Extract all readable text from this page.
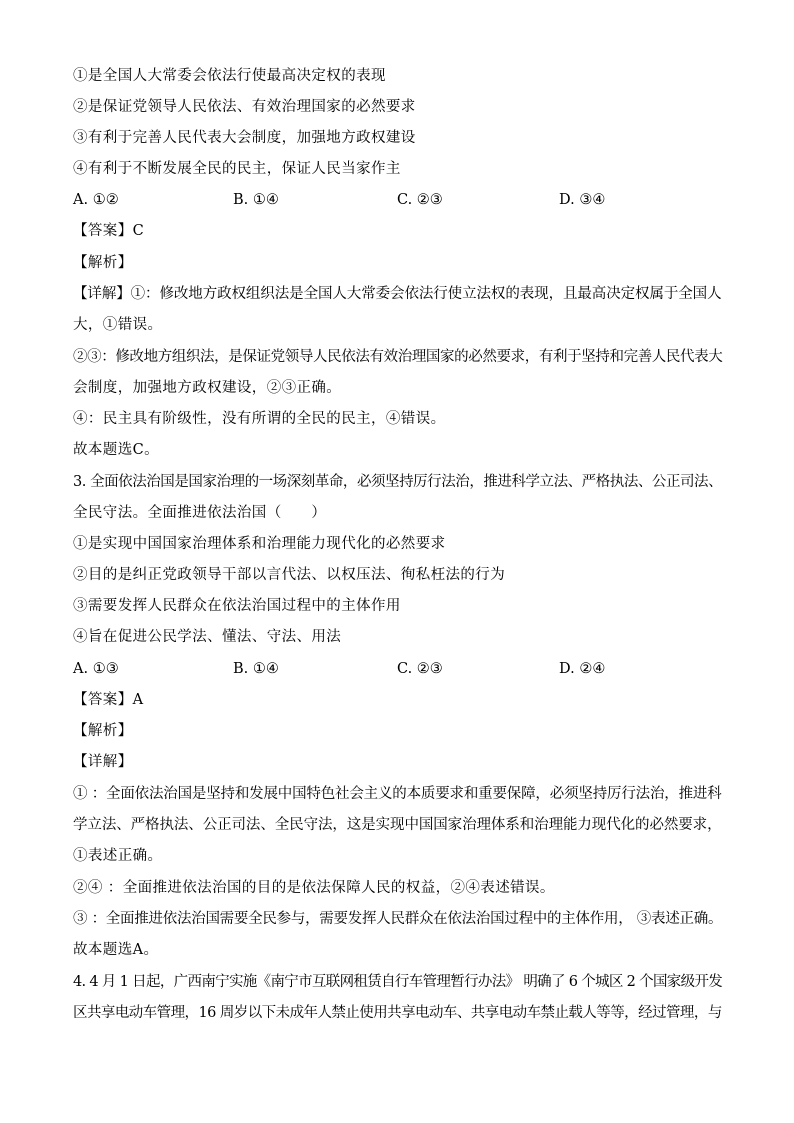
①是全国人大常委会依法行使最高决定权的表现
②是保证党领导人民依法、有效治理国家的必然要求
③有利于完善人民代表大会制度，加强地方政权建设
④有利于不断发展全民的民主，保证人民当家作主
A. ①②	B. ①④	C. ②③	D. ③④
【答案】C
【解析】
【详解】①：修改地方政权组织法是全国人大常委会依法行使立法权的表现，且最高决定权属于全国人
大，①错误。
②③：修改地方组织法，是保证党领导人民依法有效治理国家的必然要求，有利于坚持和完善人民代表大
会制度，加强地方政权建设，②③正确。
④：民主具有阶级性，没有所谓的全民的民主，④错误。
故本题选C。
3. 全面依法治国是国家治理的一场深刻革命，必须坚持厉行法治，推进科学立法、严格执法、公正司法、
全民守法。全面推进依法治国（　　）
①是实现中国国家治理体系和治理能力现代化的必然要求
②目的是纠正党政领导干部以言代法、以权压法、徇私枉法的行为
③需要发挥人民群众在依法治国过程中的主体作用
④旨在促进公民学法、懂法、守法、用法
A. ①③	B. ①④	C. ②③	D. ②④
【答案】A
【解析】
【详解】
① ：全面依法治国是坚持和发展中国特色社会主义的本质要求和重要保障，必须坚持厉行法治，推进科
学立法、严格执法、公正司法、全民守法，这是实现中国国家治理体系和治理能力现代化的必然要求，
①表述正确。
②④ ：全面推进依法治国的目的是依法保障人民的权益，②④表述错误。
③ ：全面推进依法治国需要全民参与，需要发挥人民群众在依法治国过程中的主体作用， ③表述正确。
故本题选A。
4. 4 月 1 日起，广西南宁实施《南宁市互联网租赁自行车管理暂行办法》 明确了 6 个城区 2 个国家级开发
区共享电动车管理，16 周岁以下未成年人禁止使用共享电动车、共享电动车禁止载人等等，经过管理，与
